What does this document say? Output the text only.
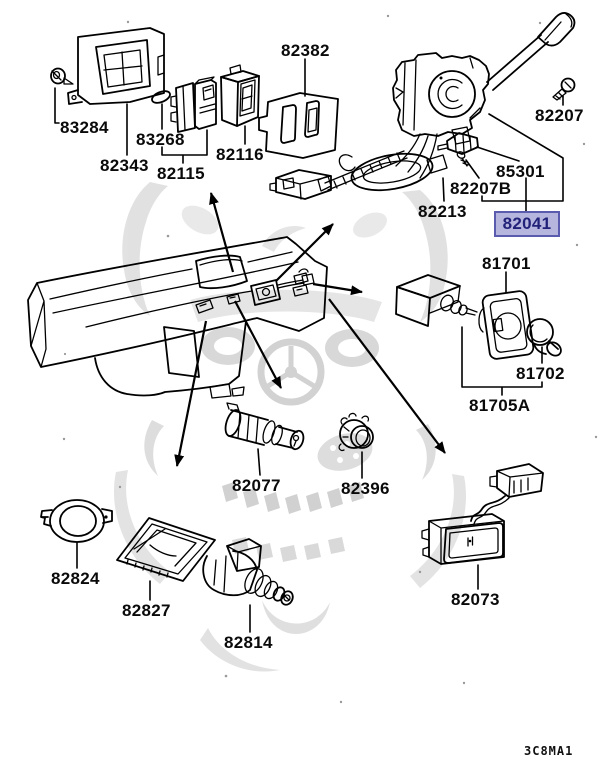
83284
82343
83268
82115
82116
82382
82207
85301
82207B
82213
82041
81701
81702
81705A
82077	82396
82824
82827
82814
82073
3C8MA1
